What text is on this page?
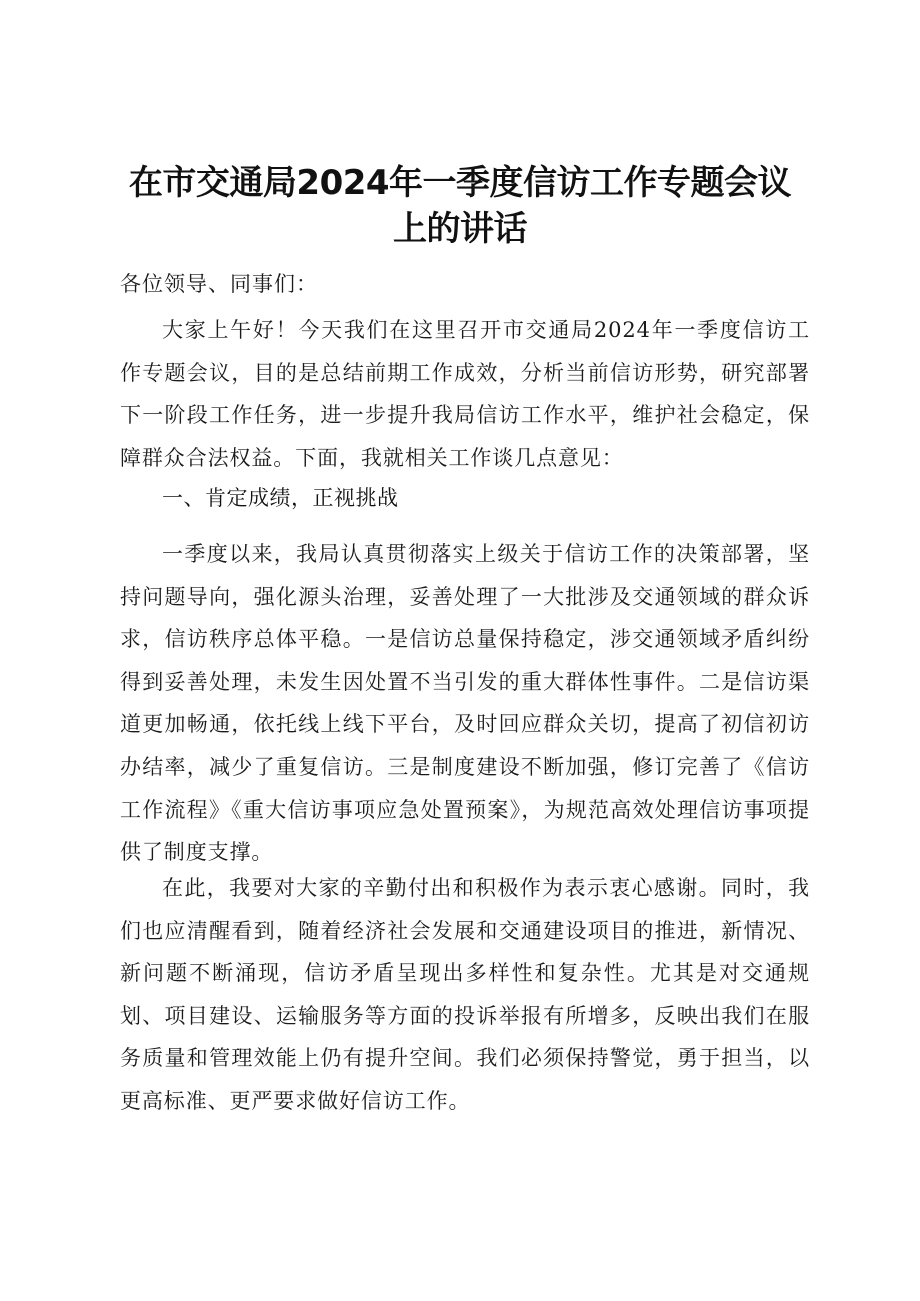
在市交通局2024年一季度信访工作专题会议
上的讲话
各位领导、同事们：

大家上午好！今天我们在这里召开市交通局2024年一季度信访工作专题会议，目的是总结前期工作成效，分析当前信访形势，研究部署下一阶段工作任务，进一步提升我局信访工作水平，维护社会稳定，保障群众合法权益。下面，我就相关工作谈几点意见：

一、肯定成绩，正视挑战

一季度以来，我局认真贯彻落实上级关于信访工作的决策部署，坚持问题导向，强化源头治理，妥善处理了一大批涉及交通领域的群众诉求，信访秩序总体平稳。一是信访总量保持稳定，涉交通领域矛盾纠纷得到妥善处理，未发生因处置不当引发的重大群体性事件。二是信访渠道更加畅通，依托线上线下平台，及时回应群众关切，提高了初信初访办结率，减少了重复信访。三是制度建设不断加强，修订完善了《信访工作流程》《重大信访事项应急处置预案》，为规范高效处理信访事项提供了制度支撑。

在此，我要对大家的辛勤付出和积极作为表示衷心感谢。同时，我们也应清醒看到，随着经济社会发展和交通建设项目的推进，新情况、新问题不断涌现，信访矛盾呈现出多样性和复杂性。尤其是对交通规划、项目建设、运输服务等方面的投诉举报有所增多，反映出我们在服务质量和管理效能上仍有提升空间。我们必须保持警觉，勇于担当，以更高标准、更严要求做好信访工作。
